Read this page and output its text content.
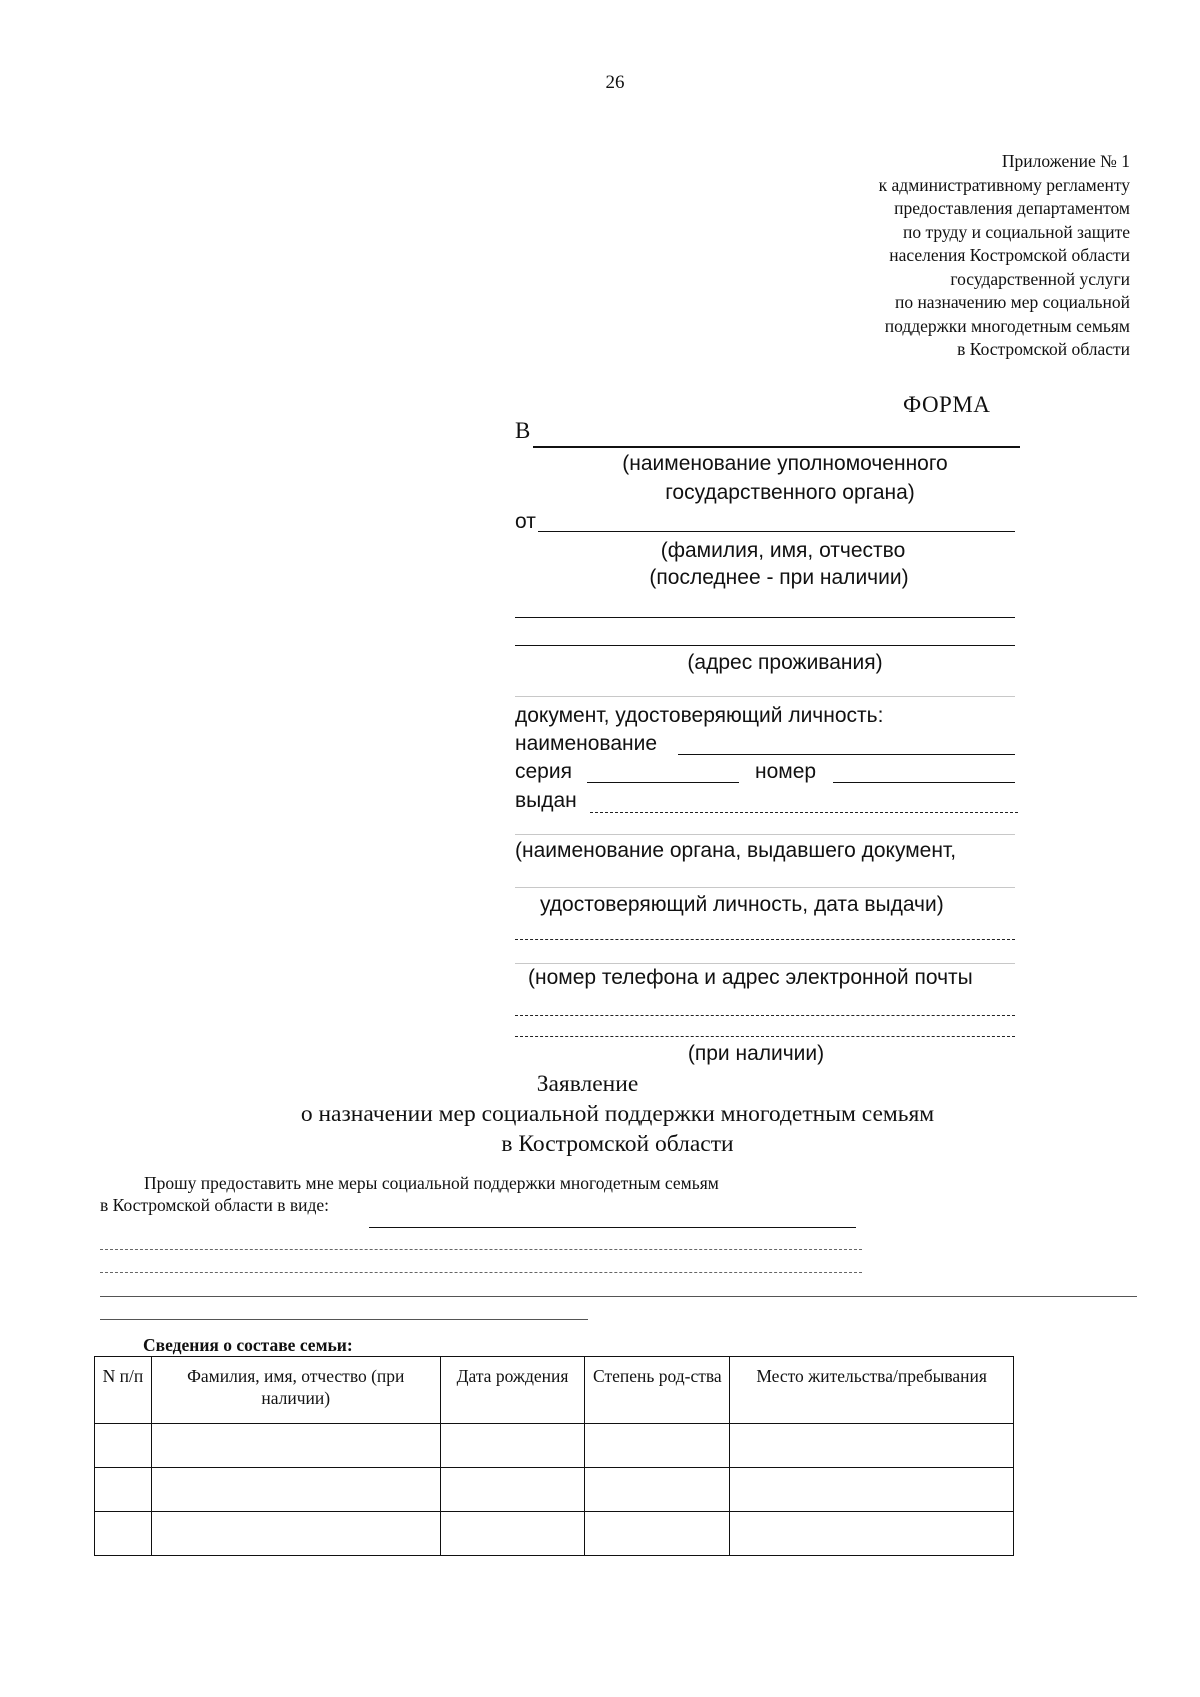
26
Приложение № 1
к административному регламенту
предоставления департаментом
по труду и социальной защите
населения Костромской области
государственной услуги
по назначению мер социальной
поддержки многодетным семьям
в Костромской области
ФОРМА
В
(наименование уполномоченного
государственного органа)
от
(фамилия, имя, отчество
(последнее - при наличии)
(адрес проживания)
документ, удостоверяющий личность:
наименование
серия	номер
выдан
(наименование органа, выдавшего документ,
удостоверяющий личность, дата выдачи)
(номер телефона и адрес электронной почты
(при наличии)
Заявление
о назначении мер социальной поддержки многодетным семьям
в Костромской области
Прошу предоставить мне меры социальной поддержки многодетным семьям
в Костромской области в виде:
Сведения о составе семьи:
N п/п	Фамилия, имя, отчество (при наличии)	Дата рождения	Степень род-ства	Место жительства/пребывания
